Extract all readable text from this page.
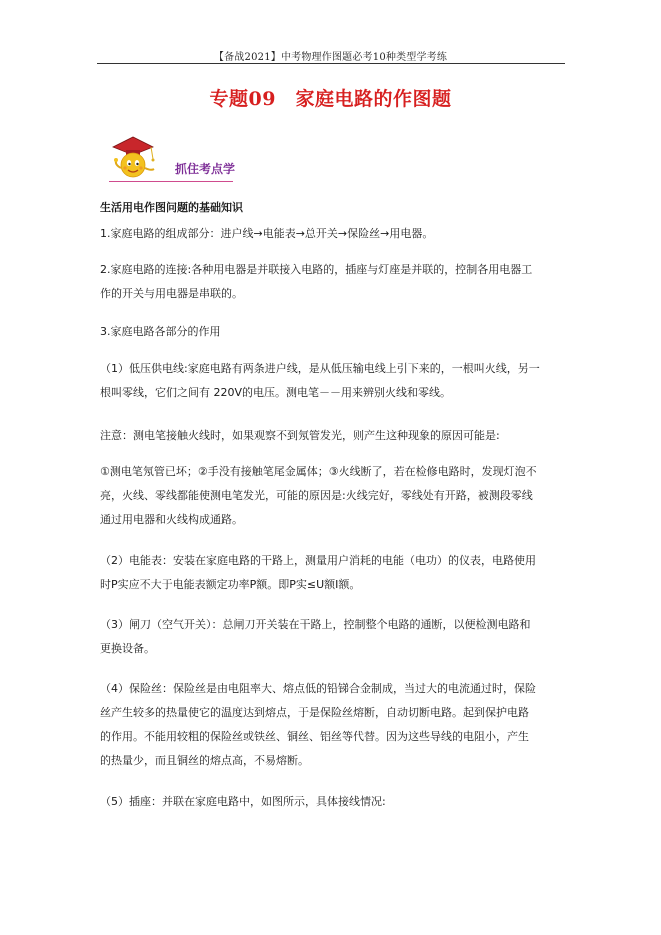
【备战2021】中考物理作图题必考10种类型学考练
专题09　家庭电路的作图题
抓住考点学
生活用电作图问题的基础知识
1.家庭电路的组成部分：进户线→电能表→总开关→保险丝→用电器。
2.家庭电路的连接:各种用电器是并联接入电路的，插座与灯座是并联的，控制各用电器工
作的开关与用电器是串联的。
3.家庭电路各部分的作用
（1）低压供电线:家庭电路有两条进户线，是从低压输电线上引下来的，一根叫火线，另一
根叫零线，它们之间有 220V的电压。测电笔－－用来辨别火线和零线。
注意：测电笔接触火线时，如果观察不到氖管发光，则产生这种现象的原因可能是:
①测电笔氖管已坏；②手没有接触笔尾金属体；③火线断了，若在检修电路时，发现灯泡不
亮，火线、零线都能使测电笔发光，可能的原因是:火线完好，零线处有开路，被测段零线
通过用电器和火线构成通路。
（2）电能表：安装在家庭电路的干路上，测量用户消耗的电能（电功）的仪表，电路使用
时P实应不大于电能表额定功率P额。即P实≤U额I额。
（3）闸刀（空气开关）：总闸刀开关装在干路上，控制整个电路的通断，以便检测电路和
更换设备。
（4）保险丝：保险丝是由电阻率大、熔点低的铅锑合金制成，当过大的电流通过时，保险
丝产生较多的热量使它的温度达到熔点，于是保险丝熔断，自动切断电路。起到保护电路
的作用。不能用较粗的保险丝或铁丝、铜丝、铝丝等代替。因为这些导线的电阻小，产生
的热量少，而且铜丝的熔点高，不易熔断。
（5）插座：并联在家庭电路中，如图所示，具体接线情况:
